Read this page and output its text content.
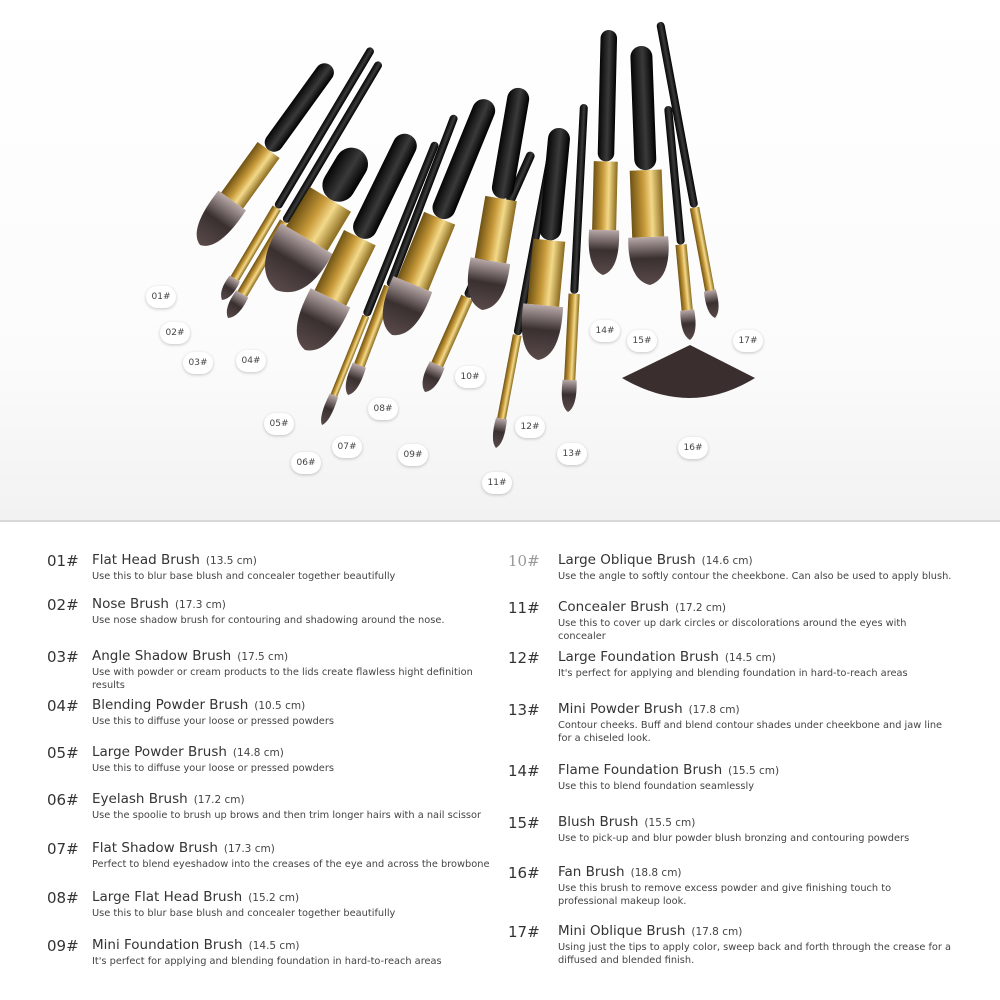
01#
02#
03#	04#
05#
06#
07#
08#
09#
10#
11#
12#
13#
14#
15#
16#
17#
01# Flat Head Brush (13.5 cm)
Use this to blur base blush and concealer together beautifully
02# Nose Brush (17.3 cm)
Use nose shadow brush for contouring and shadowing around the nose.
03# Angle Shadow Brush (17.5 cm)
Use with powder or cream products to the lids create flawless hight definition results
04# Blending Powder Brush (10.5 cm)
Use this to diffuse your loose or pressed powders
05# Large Powder Brush (14.8 cm)
Use this to diffuse your loose or pressed powders
06# Eyelash Brush (17.2 cm)
Use the spoolie to brush up brows and then trim longer hairs with a nail scissor
07# Flat Shadow Brush (17.3 cm)
Perfect to blend eyeshadow into the creases of the eye and across the browbone
08# Large Flat Head Brush (15.2 cm)
Use this to blur base blush and concealer together beautifully
09# Mini Foundation Brush (14.5 cm)
It's perfect for applying and blending foundation in hard-to-reach areas
10# Large Oblique Brush (14.6 cm)
Use the angle to softly contour the cheekbone. Can also be used to apply blush.
11# Concealer Brush (17.2 cm)
Use this to cover up dark circles or discolorations around the eyes with concealer
12# Large Foundation Brush (14.5 cm)
It's perfect for applying and blending foundation in hard-to-reach areas
13# Mini Powder Brush (17.8 cm)
Contour cheeks. Buff and blend contour shades under cheekbone and jaw line for a chiseled look.
14# Flame Foundation Brush (15.5 cm)
Use this to blend foundation seamlessly
15# Blush Brush (15.5 cm)
Use to pick-up and blur powder blush bronzing and contouring powders
16# Fan Brush (18.8 cm)
Use this brush to remove excess powder and give finishing touch to professional makeup look.
17# Mini Oblique Brush (17.8 cm)
Using just the tips to apply color, sweep back and forth through the crease for a diffused and blended finish.
